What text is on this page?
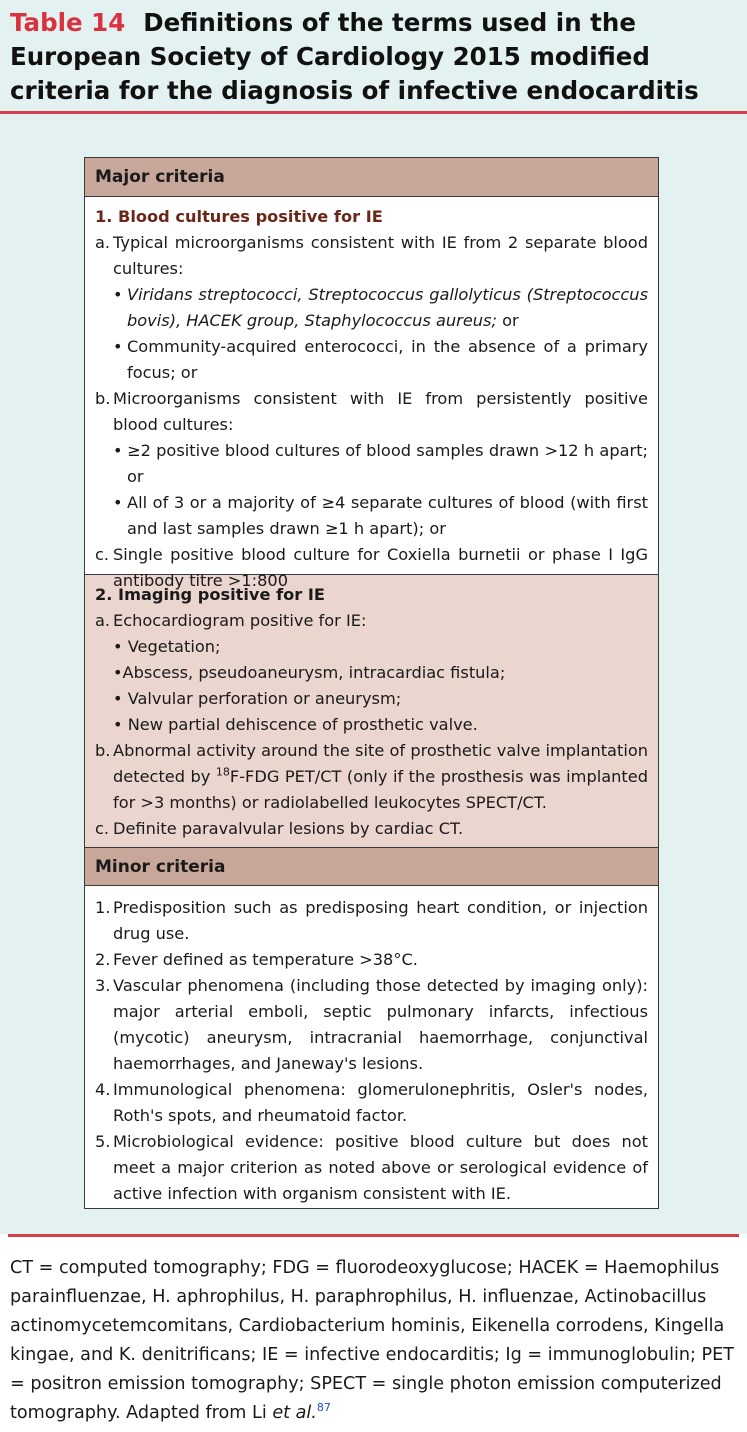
Table 14 Definitions of the terms used in the European Society of Cardiology 2015 modified criteria for the diagnosis of infective endocarditis

Major criteria
1. Blood cultures positive for IE
a. Typical microorganisms consistent with IE from 2 separate blood cultures:
• Viridans streptococci, Streptococcus gallolyticus (Streptococcus bovis), HACEK group, Staphylococcus aureus; or
• Community-acquired enterococci, in the absence of a primary focus; or
b. Microorganisms consistent with IE from persistently positive blood cultures:
• ≥2 positive blood cultures of blood samples drawn >12 h apart; or
• All of 3 or a majority of ≥4 separate cultures of blood (with first and last samples drawn ≥1 h apart); or
c. Single positive blood culture for Coxiella burnetii or phase I IgG antibody titre >1:800
2. Imaging positive for IE
a. Echocardiogram positive for IE:
• Vegetation;
•Abscess, pseudoaneurysm, intracardiac fistula;
• Valvular perforation or aneurysm;
• New partial dehiscence of prosthetic valve.
b. Abnormal activity around the site of prosthetic valve implantation detected by $^{18}$F-FDG PET/CT (only if the prosthesis was implanted for >3 months) or radiolabelled leukocytes SPECT/CT.
c. Definite paravalvular lesions by cardiac CT.
Minor criteria
1. Predisposition such as predisposing heart condition, or injection drug use.
2. Fever defined as temperature >38°C.
3. Vascular phenomena (including those detected by imaging only): major arterial emboli, septic pulmonary infarcts, infectious (mycotic) aneurysm, intracranial haemorrhage, conjunctival haemorrhages, and Janeway's lesions.
4. Immunological phenomena: glomerulonephritis, Osler's nodes, Roth's spots, and rheumatoid factor.
5. Microbiological evidence: positive blood culture but does not meet a major criterion as noted above or serological evidence of active infection with organism consistent with IE.
CT = computed tomography; FDG = fluorodeoxyglucose; HACEK = Haemophilus parainfluenzae, H. aphrophilus, H. paraphrophilus, H. influenzae, Actinobacillus actinomycetemcomitans, Cardiobacterium hominis, Eikenella corrodens, Kingella kingae, and K. denitrificans; IE = infective endocarditis; Ig = immunoglobulin; PET = positron emission tomography; SPECT = single photon emission computerized tomography. Adapted from Li et al.$^{87}$
